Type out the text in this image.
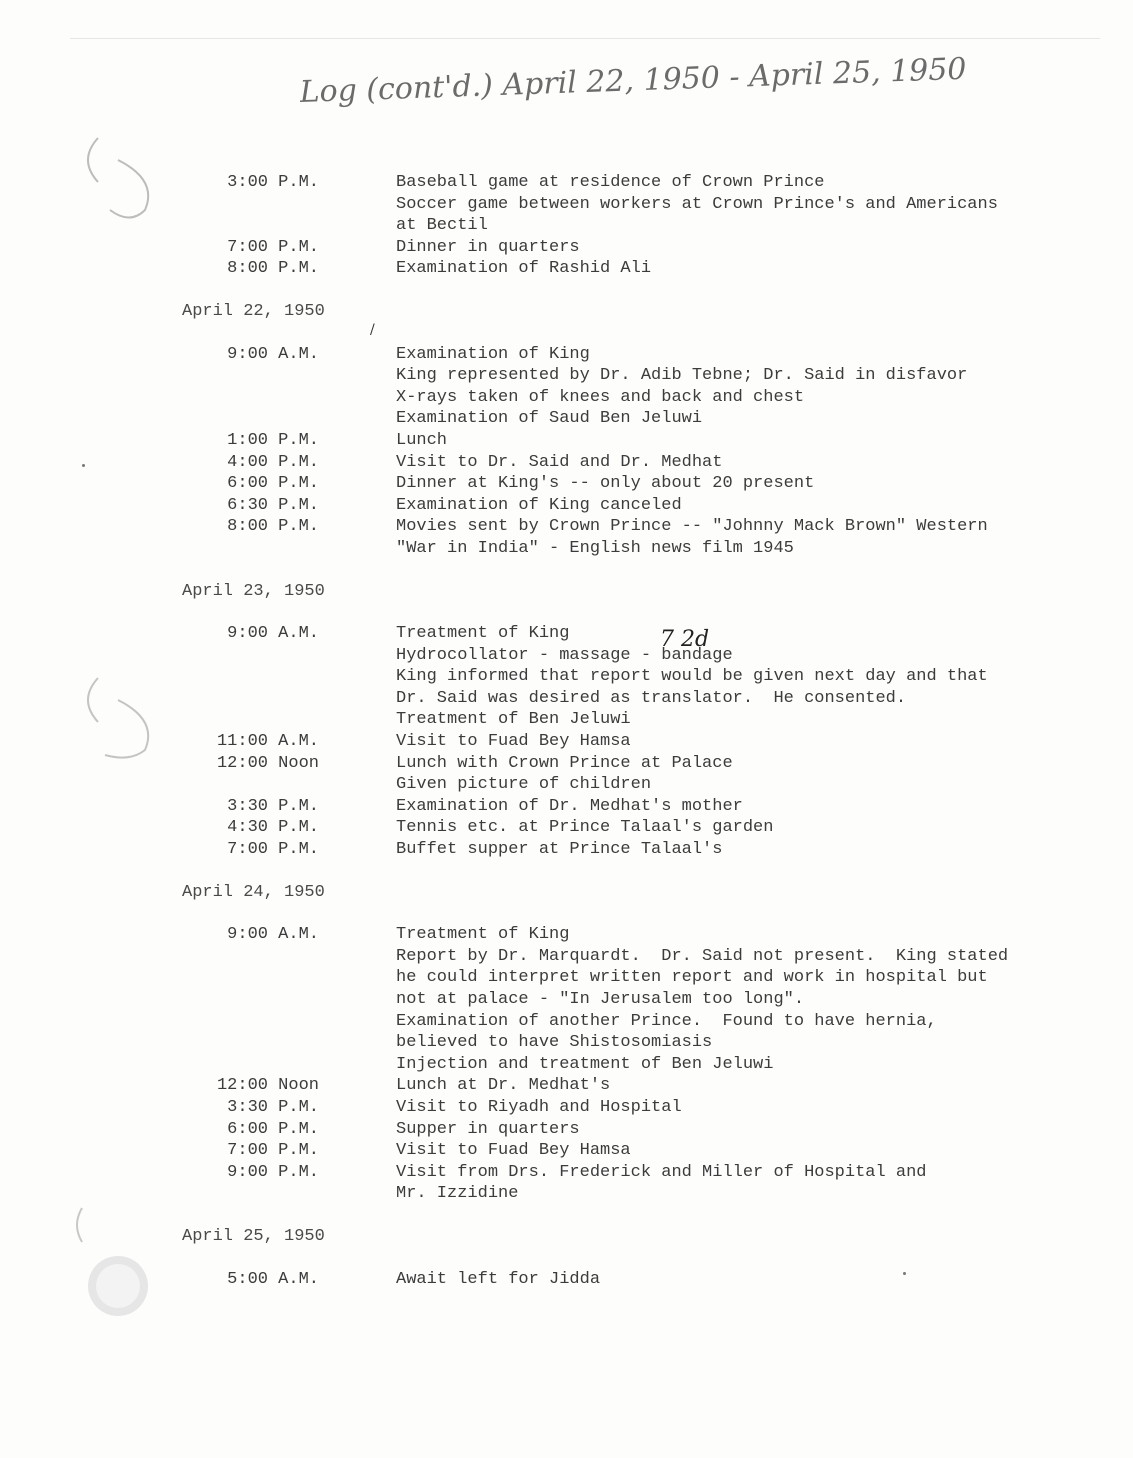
Log (cont'd.) April 22, 1950 - April 25, 1950
/
3:00 P.M.	Baseball game at residence of Crown Prince
Soccer game between workers at Crown Prince's and Americans
at Bectil
7:00 P.M.	Dinner in quarters
8:00 P.M.	Examination of Rashid Ali
April 22, 1950
9:00 A.M.	Examination of King
King represented by Dr. Adib Tebne; Dr. Said in disfavor
X-rays taken of knees and back and chest
Examination of Saud Ben Jeluwi
1:00 P.M.	Lunch
4:00 P.M.	Visit to Dr. Said and Dr. Medhat
6:00 P.M.	Dinner at King's -- only about 20 present
6:30 P.M.	Examination of King canceled
8:00 P.M.	Movies sent by Crown Prince -- "Johnny Mack Brown" Western
"War in India" - English news film 1945
April 23, 1950
9:00 A.M.	Treatment of King
Hydrocollator - massage - bandage
King informed that report would be given next day and that
Dr. Said was desired as translator.  He consented.
Treatment of Ben Jeluwi
11:00 A.M.	Visit to Fuad Bey Hamsa
12:00 Noon	Lunch with Crown Prince at Palace
Given picture of children
3:30 P.M.	Examination of Dr. Medhat's mother
4:30 P.M.	Tennis etc. at Prince Talaal's garden
7:00 P.M.	Buffet supper at Prince Talaal's
7 2d
April 24, 1950
9:00 A.M.	Treatment of King
Report by Dr. Marquardt.  Dr. Said not present.  King stated
he could interpret written report and work in hospital but
not at palace - "In Jerusalem too long".
Examination of another Prince.  Found to have hernia,
believed to have Shistosomiasis
Injection and treatment of Ben Jeluwi
12:00 Noon	Lunch at Dr. Medhat's
3:30 P.M.	Visit to Riyadh and Hospital
6:00 P.M.	Supper in quarters
7:00 P.M.	Visit to Fuad Bey Hamsa
9:00 P.M.	Visit from Drs. Frederick and Miller of Hospital and
Mr. Izzidine
April 25, 1950
5:00 A.M.	Await left for Jidda
